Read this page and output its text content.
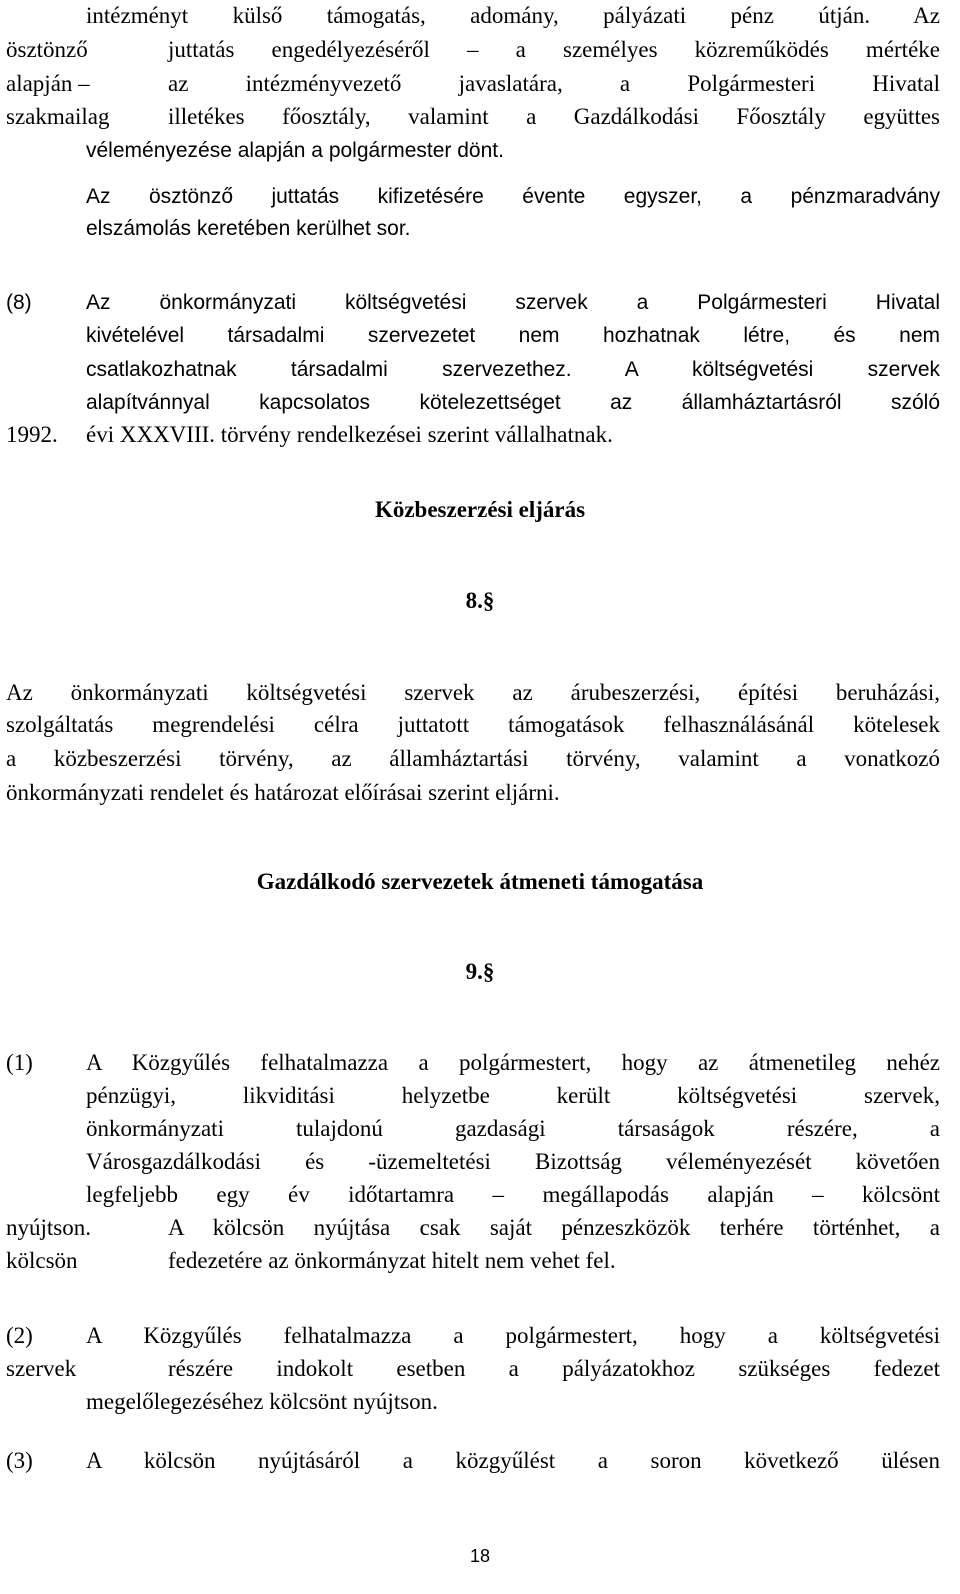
intézményt külső támogatás, adomány, pályázati pénz útján. Az
ösztönző	juttatás engedélyezéséről – a személyes közreműködés mértéke
alapján –	az intézményvezető javaslatára, a Polgármesteri Hivatal
szakmailag	illetékes főosztály, valamint a Gazdálkodási Főosztály együttes
véleményezése alapján a polgármester dönt.
Az ösztönző juttatás kifizetésére évente egyszer, a pénzmaradvány
elszámolás keretében kerülhet sor.
(8)	Az önkormányzati költségvetési szervek a Polgármesteri Hivatal
kivételével társadalmi szervezetet nem hozhatnak létre, és nem
csatlakozhatnak társadalmi szervezethez. A költségvetési szervek
alapítvánnyal kapcsolatos kötelezettséget az államháztartásról szóló
1992. évi XXXVIII. törvény rendelkezései szerint vállalhatnak.
Közbeszerzési eljárás
8.§
Az önkormányzati költségvetési szervek az árubeszerzési, építési beruházási,
szolgáltatás megrendelési célra juttatott támogatások felhasználásánál kötelesek
a közbeszerzési törvény, az államháztartási törvény, valamint a vonatkozó
önkormányzati rendelet és határozat előírásai szerint eljárni.
Gazdálkodó szervezetek átmeneti támogatása
9.§
(1) A Közgyűlés felhatalmazza a polgármestert, hogy az átmenetileg nehéz
pénzügyi, likviditási helyzetbe került költségvetési szervek,
önkormányzati tulajdonú gazdasági társaságok részére, a
Városgazdálkodási és -üzemeltetési Bizottság véleményezését követően
legfeljebb egy év időtartamra – megállapodás alapján – kölcsönt
nyújtson.	A kölcsön nyújtása csak saját pénzeszközök terhére történhet, a
kölcsön	fedezetére az önkormányzat hitelt nem vehet fel.
(2) A Közgyűlés felhatalmazza a polgármestert, hogy a költségvetési
szervek	részére indokolt esetben a pályázatokhoz szükséges fedezet
megelőlegezéséhez kölcsönt nyújtson.
(3) A kölcsön nyújtásáról a közgyűlést a soron következő ülésen
18
